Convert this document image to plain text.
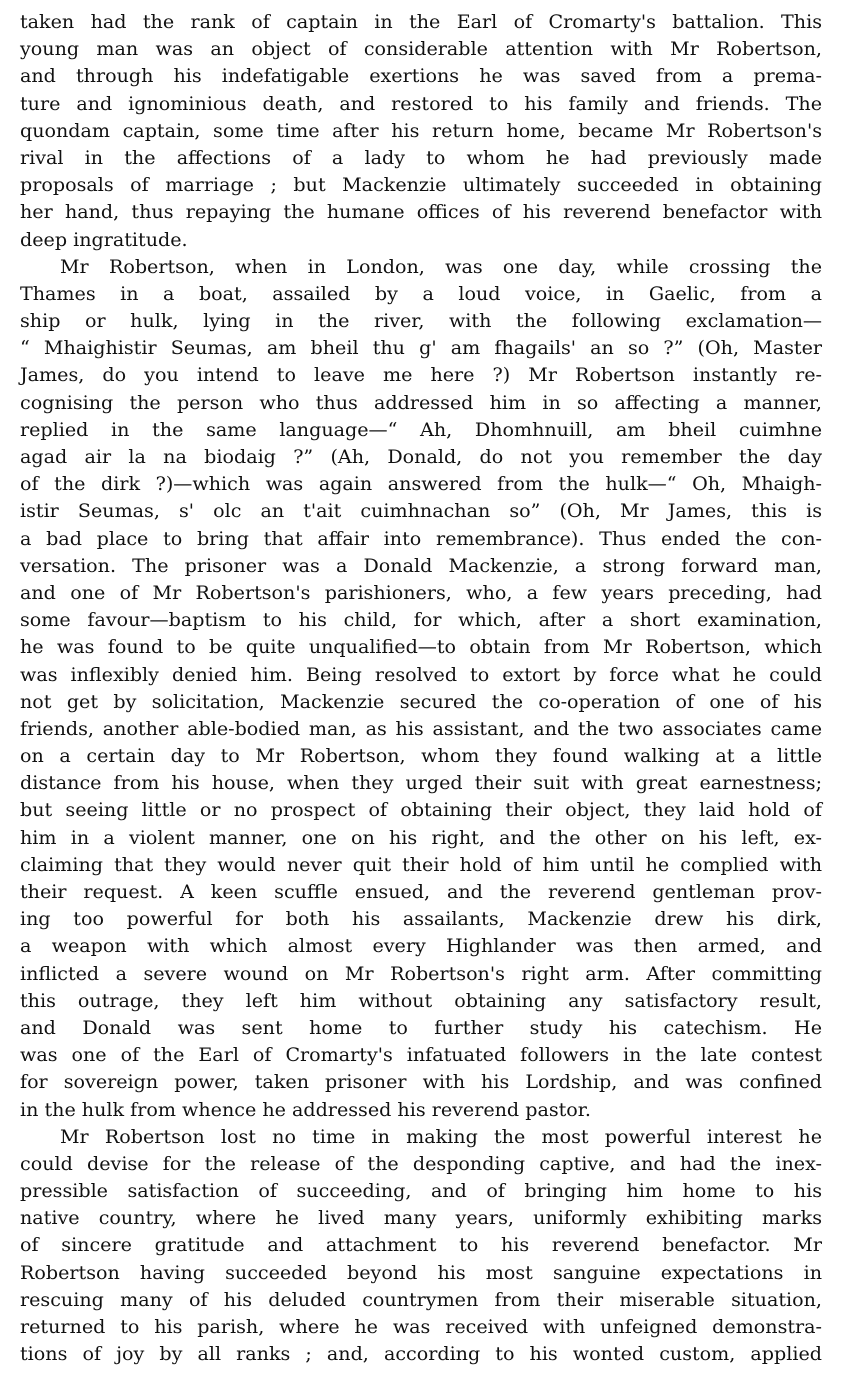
taken had the rank of captain in the Earl of Cromarty's battalion. This
young man was an object of considerable attention with Mr Robertson,
and through his indefatigable exertions he was saved from a prema-
ture and ignominious death, and restored to his family and friends. The
quondam captain, some time after his return home, became Mr Robertson's
rival in the affections of a lady to whom he had previously made
proposals of marriage ; but Mackenzie ultimately succeeded in obtaining
her hand, thus repaying the humane offices of his reverend benefactor with
deep ingratitude.

Mr Robertson, when in London, was one day, while crossing the
Thames in a boat, assailed by a loud voice, in Gaelic, from a
ship or hulk, lying in the river, with the following exclamation—
“ Mhaighistir Seumas, am bheil thu g' am fhagails' an so ?” (Oh, Master
James, do you intend to leave me here ?) Mr Robertson instantly re-
cognising the person who thus addressed him in so affecting a manner,
replied in the same language—“ Ah, Dhomhnuill, am bheil cuimhne
agad air la na biodaig ?” (Ah, Donald, do not you remember the day
of the dirk ?)—which was again answered from the hulk—“ Oh, Mhaigh-
istir Seumas, s' olc an t'ait cuimhnachan so” (Oh, Mr James, this is
a bad place to bring that affair into remembrance). Thus ended the con-
versation. The prisoner was a Donald Mackenzie, a strong forward man,
and one of Mr Robertson's parishioners, who, a few years preceding, had
some favour—baptism to his child, for which, after a short examination,
he was found to be quite unqualified—to obtain from Mr Robertson, which
was inflexibly denied him. Being resolved to extort by force what he could
not get by solicitation, Mackenzie secured the co-operation of one of his
friends, another able-bodied man, as his assistant, and the two associates came
on a certain day to Mr Robertson, whom they found walking at a little
distance from his house, when they urged their suit with great earnestness;
but seeing little or no prospect of obtaining their object, they laid hold of
him in a violent manner, one on his right, and the other on his left, ex-
claiming that they would never quit their hold of him until he complied with
their request. A keen scuffle ensued, and the reverend gentleman prov-
ing too powerful for both his assailants, Mackenzie drew his dirk,
a weapon with which almost every Highlander was then armed, and
inflicted a severe wound on Mr Robertson's right arm. After committing
this outrage, they left him without obtaining any satisfactory result,
and Donald was sent home to further study his catechism. He
was one of the Earl of Cromarty's infatuated followers in the late contest
for sovereign power, taken prisoner with his Lordship, and was confined
in the hulk from whence he addressed his reverend pastor.

Mr Robertson lost no time in making the most powerful interest he
could devise for the release of the desponding captive, and had the inex-
pressible satisfaction of succeeding, and of bringing him home to his
native country, where he lived many years, uniformly exhibiting marks
of sincere gratitude and attachment to his reverend benefactor. Mr
Robertson having succeeded beyond his most sanguine expectations in
rescuing many of his deluded countrymen from their miserable situation,
returned to his parish, where he was received with unfeigned demonstra-
tions of joy by all ranks ; and, according to his wonted custom, applied
